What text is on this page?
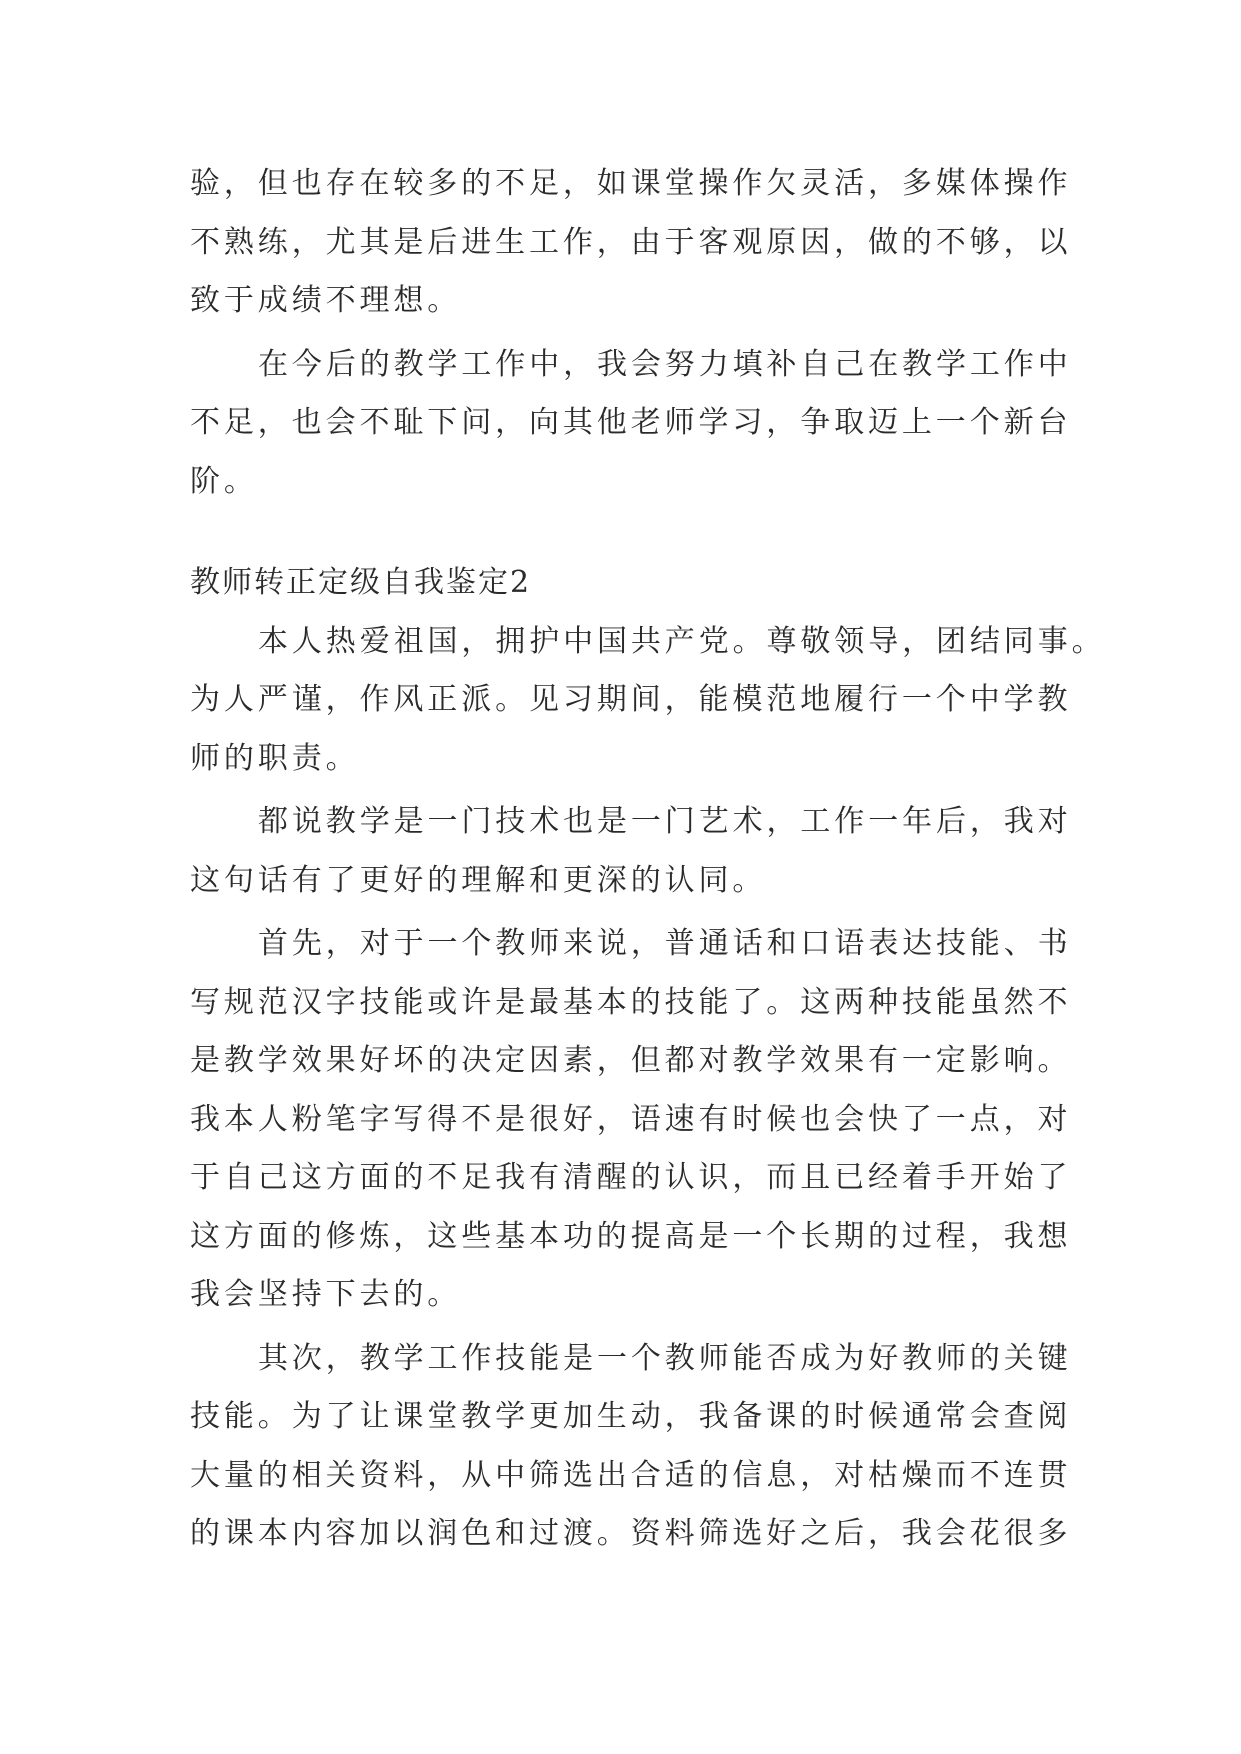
验，但也存在较多的不足，如课堂操作欠灵活，多媒体操作
不熟练，尤其是后进生工作，由于客观原因，做的不够，以
致于成绩不理想。
在今后的教学工作中，我会努力填补自己在教学工作中
不足，也会不耻下问，向其他老师学习，争取迈上一个新台
阶。
教师转正定级自我鉴定2
本人热爱祖国，拥护中国共产党。尊敬领导，团结同事。
为人严谨，作风正派。见习期间，能模范地履行一个中学教
师的职责。
都说教学是一门技术也是一门艺术，工作一年后，我对
这句话有了更好的理解和更深的认同。
首先，对于一个教师来说，普通话和口语表达技能、书
写规范汉字技能或许是最基本的技能了。这两种技能虽然不
是教学效果好坏的决定因素，但都对教学效果有一定影响。
我本人粉笔字写得不是很好，语速有时候也会快了一点，对
于自己这方面的不足我有清醒的认识，而且已经着手开始了
这方面的修炼，这些基本功的提高是一个长期的过程，我想
我会坚持下去的。
其次，教学工作技能是一个教师能否成为好教师的关键
技能。为了让课堂教学更加生动，我备课的时候通常会查阅
大量的相关资料，从中筛选出合适的信息，对枯燥而不连贯
的课本内容加以润色和过渡。资料筛选好之后，我会花很多
